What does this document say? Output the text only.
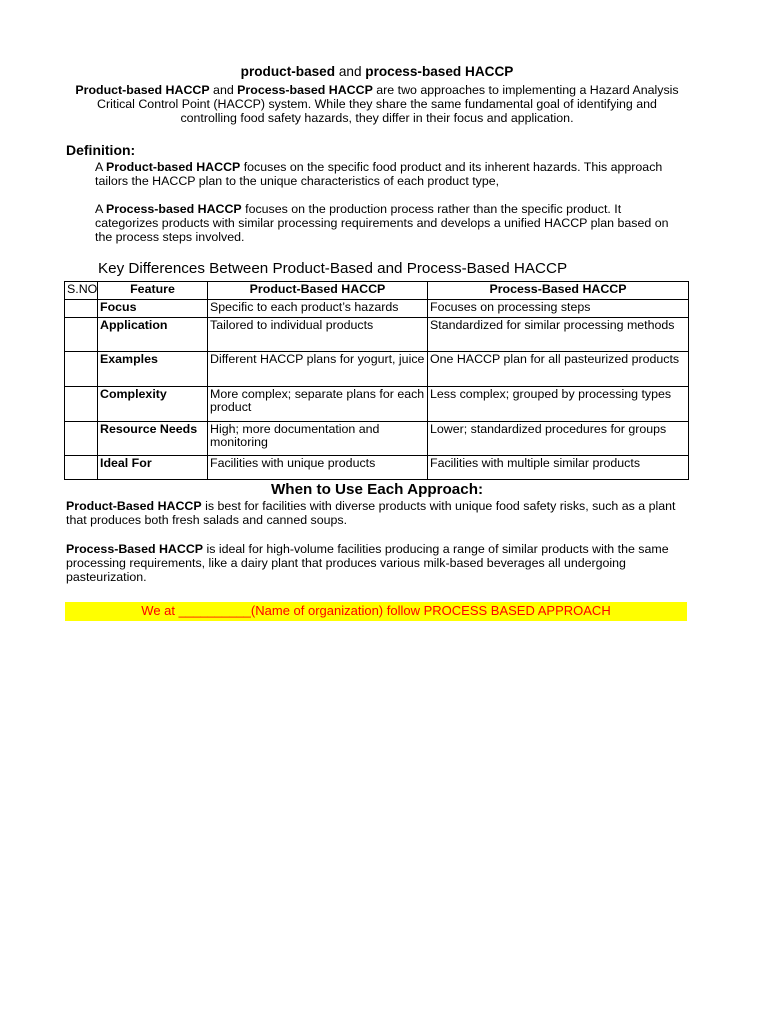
product-based and process-based HACCP

Product-based HACCP and Process-based HACCP are two approaches to implementing a Hazard Analysis Critical Control Point (HACCP) system. While they share the same fundamental goal of identifying and controlling food safety hazards, they differ in their focus and application.

Definition:

A Product-based HACCP focuses on the specific food product and its inherent hazards. This approach tailors the HACCP plan to the unique characteristics of each product type,

A Process-based HACCP focuses on the production process rather than the specific product. It categorizes products with similar processing requirements and develops a unified HACCP plan based on the process steps involved.

Key Differences Between Product-Based and Process-Based HACCP
S.NO	Feature	Product-Based HACCP	Process-Based HACCP
	Focus	Specific to each product’s hazards	Focuses on processing steps
	Application	Tailored to individual products	Standardized for similar processing methods
	Examples	Different HACCP plans for yogurt, juice	One HACCP plan for all pasteurized products
	Complexity	More complex; separate plans for each product	Less complex; grouped by processing types
	Resource Needs	High; more documentation and monitoring	Lower; standardized procedures for groups
	Ideal For	Facilities with unique products	Facilities with multiple similar products
When to Use Each Approach:

Product-Based HACCP is best for facilities with diverse products with unique food safety risks, such as a plant that produces both fresh salads and canned soups.

Process-Based HACCP is ideal for high-volume facilities producing a range of similar products with the same processing requirements, like a dairy plant that produces various milk-based beverages all undergoing pasteurization.

We at __________(Name of organization) follow PROCESS BASED APPROACH
